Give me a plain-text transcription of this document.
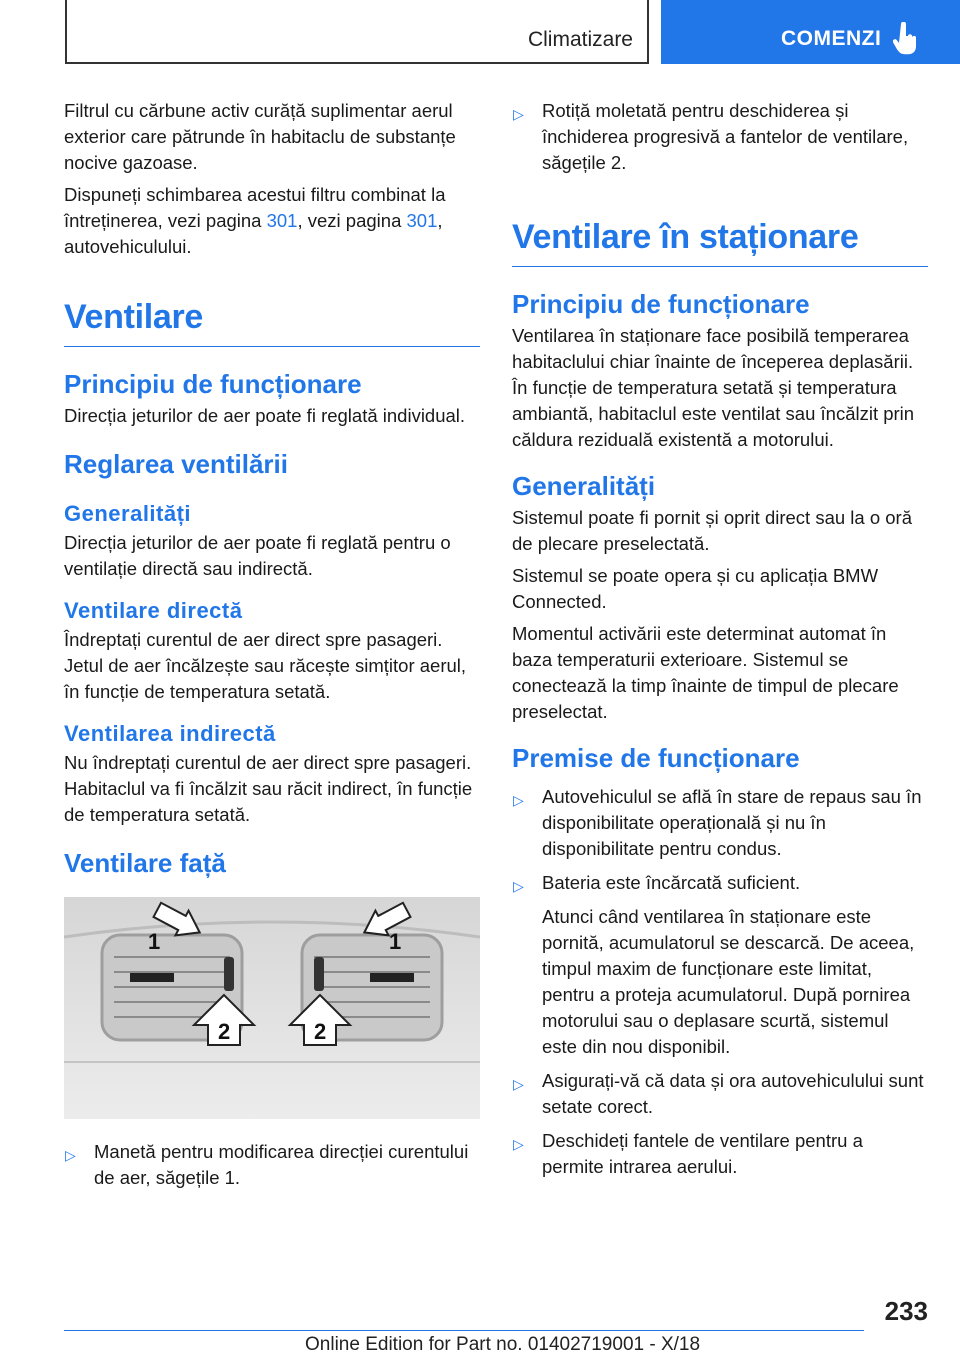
Climatizare	COMENZI

Filtrul cu cărbune activ curăță suplimentar aerul exterior care pătrunde în habitaclu de substanțe nocive gazoase.

Dispuneți schimbarea acestui filtru combinat la întreținerea, vezi pagina 301, vezi pagina 301, autovehiculului.

Ventilare
Principiu de funcționare

Direcția jeturilor de aer poate fi reglată individual.

Reglarea ventilării
Generalități

Direcția jeturilor de aer poate fi reglată pentru o ventilație directă sau indirectă.

Ventilare directă

Îndreptați curentul de aer direct spre pasageri. Jetul de aer încălzește sau răcește simțitor aerul, în funcție de temperatura setată.

Ventilarea indirectă

Nu îndreptați curentul de aer direct spre pasageri. Habitaclul va fi încălzit sau răcit indirect, în funcție de temperatura setată.

Ventilare față
1	1
2	2
▷ Manetă pentru modificarea direcției curentului de aer, săgețile 1.
▷ Rotiță moletată pentru deschiderea și închiderea progresivă a fantelor de ventilare, săgețile 2.
Ventilare în staționare
Principiu de funcționare

Ventilarea în staționare face posibilă temperarea habitaclului chiar înainte de începerea deplasării. În funcție de temperatura setată și temperatura ambiantă, habitaclul este ventilat sau încălzit prin căldura reziduală existentă a motorului.

Generalități

Sistemul poate fi pornit și oprit direct sau la o oră de plecare preselectată.

Sistemul se poate opera și cu aplicația BMW Connected.

Momentul activării este determinat automat în baza temperaturii exterioare. Sistemul se conectează la timp înainte de timpul de plecare preselectat.

Premise de funcționare
▷ Autovehiculul se află în stare de repaus sau în disponibilitate operațională și nu în disponibilitate pentru condus.
▷ Bateria este încărcată suficient.
Atunci când ventilarea în staționare este pornită, acumulatorul se descarcă. De aceea, timpul maxim de funcționare este limitat, pentru a proteja acumulatorul. După pornirea motorului sau o deplasare scurtă, sistemul este din nou disponibil.
▷ Asigurați-vă că data și ora autovehiculului sunt setate corect.
▷ Deschideți fantele de ventilare pentru a permite intrarea aerului.
233
Online Edition for Part no. 01402719001 - X/18
